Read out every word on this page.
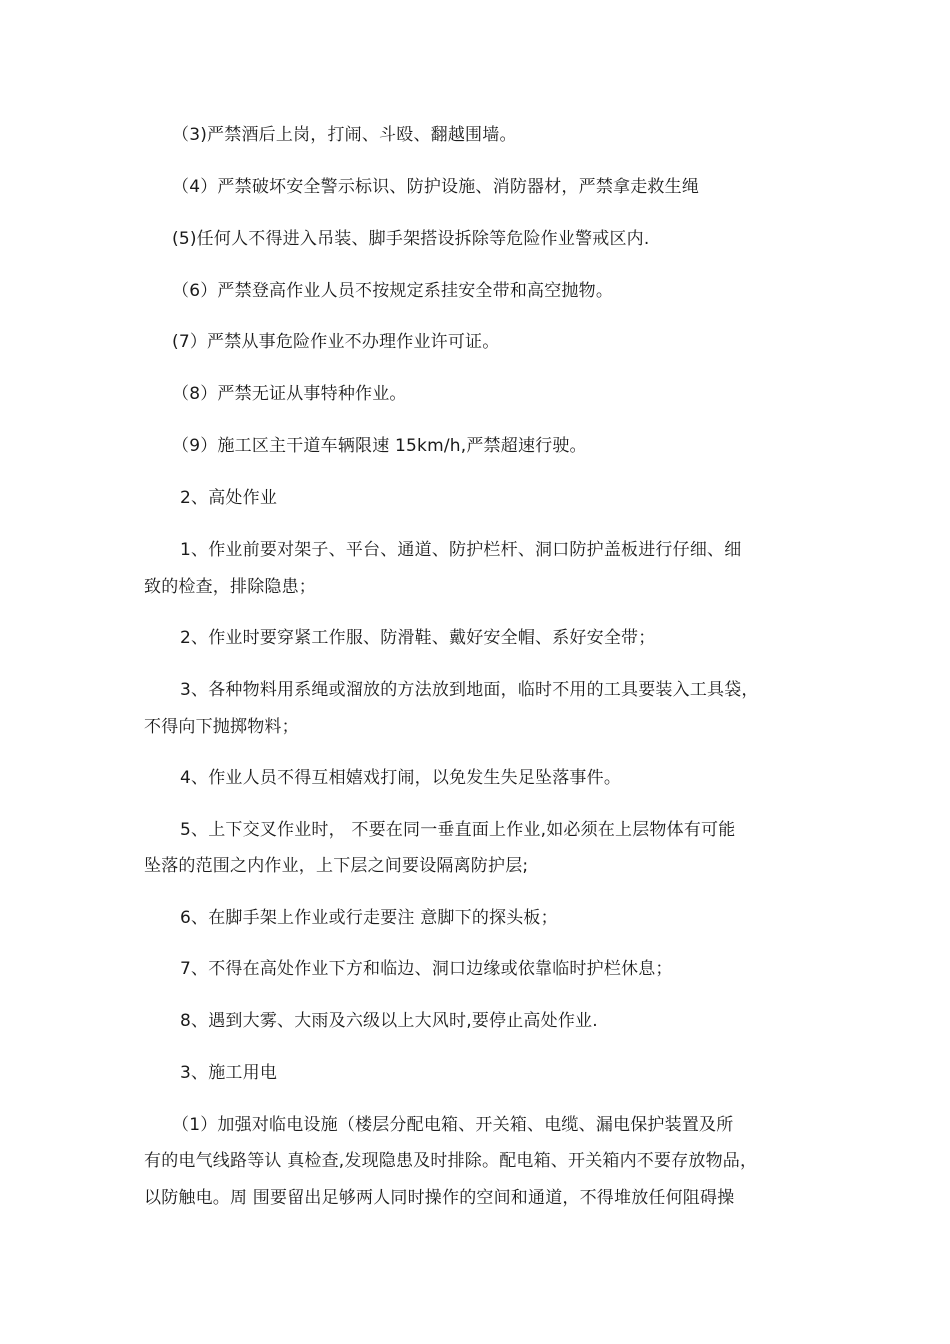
（3)严禁酒后上岗，打闹、斗殴、翻越围墙。
（4）严禁破坏安全警示标识、防护设施、消防器材，严禁拿走救生绳
(5)任何人不得进入吊装、脚手架搭设拆除等危险作业警戒区内.
（6）严禁登高作业人员不按规定系挂安全带和高空抛物。
(7）严禁从事危险作业不办理作业许可证。
（8）严禁无证从事特种作业。
（9）施工区主干道车辆限速 15km/h,严禁超速行驶。
2、高处作业
1、作业前要对架子、平台、通道、防护栏杆、洞口防护盖板进行仔细、细
致的检查，排除隐患；
2、作业时要穿紧工作服、防滑鞋、戴好安全帽、系好安全带；
3、各种物料用系绳或溜放的方法放到地面，临时不用的工具要装入工具袋，
不得向下抛掷物料；
4、作业人员不得互相嬉戏打闹，以免发生失足坠落事件。
5、上下交叉作业时， 不要在同一垂直面上作业,如必须在上层物体有可能
坠落的范围之内作业，上下层之间要设隔离防护层;
6、在脚手架上作业或行走要注 意脚下的探头板；
7、不得在高处作业下方和临边、洞口边缘或依靠临时护栏休息；
8、遇到大雾、大雨及六级以上大风时,要停止高处作业.
3、施工用电
（1）加强对临电设施（楼层分配电箱、开关箱、电缆、漏电保护装置及所
有的电气线路等认 真检查,发现隐患及时排除。配电箱、开关箱内不要存放物品，
以防触电。周 围要留出足够两人同时操作的空间和通道，不得堆放任何阻碍操
